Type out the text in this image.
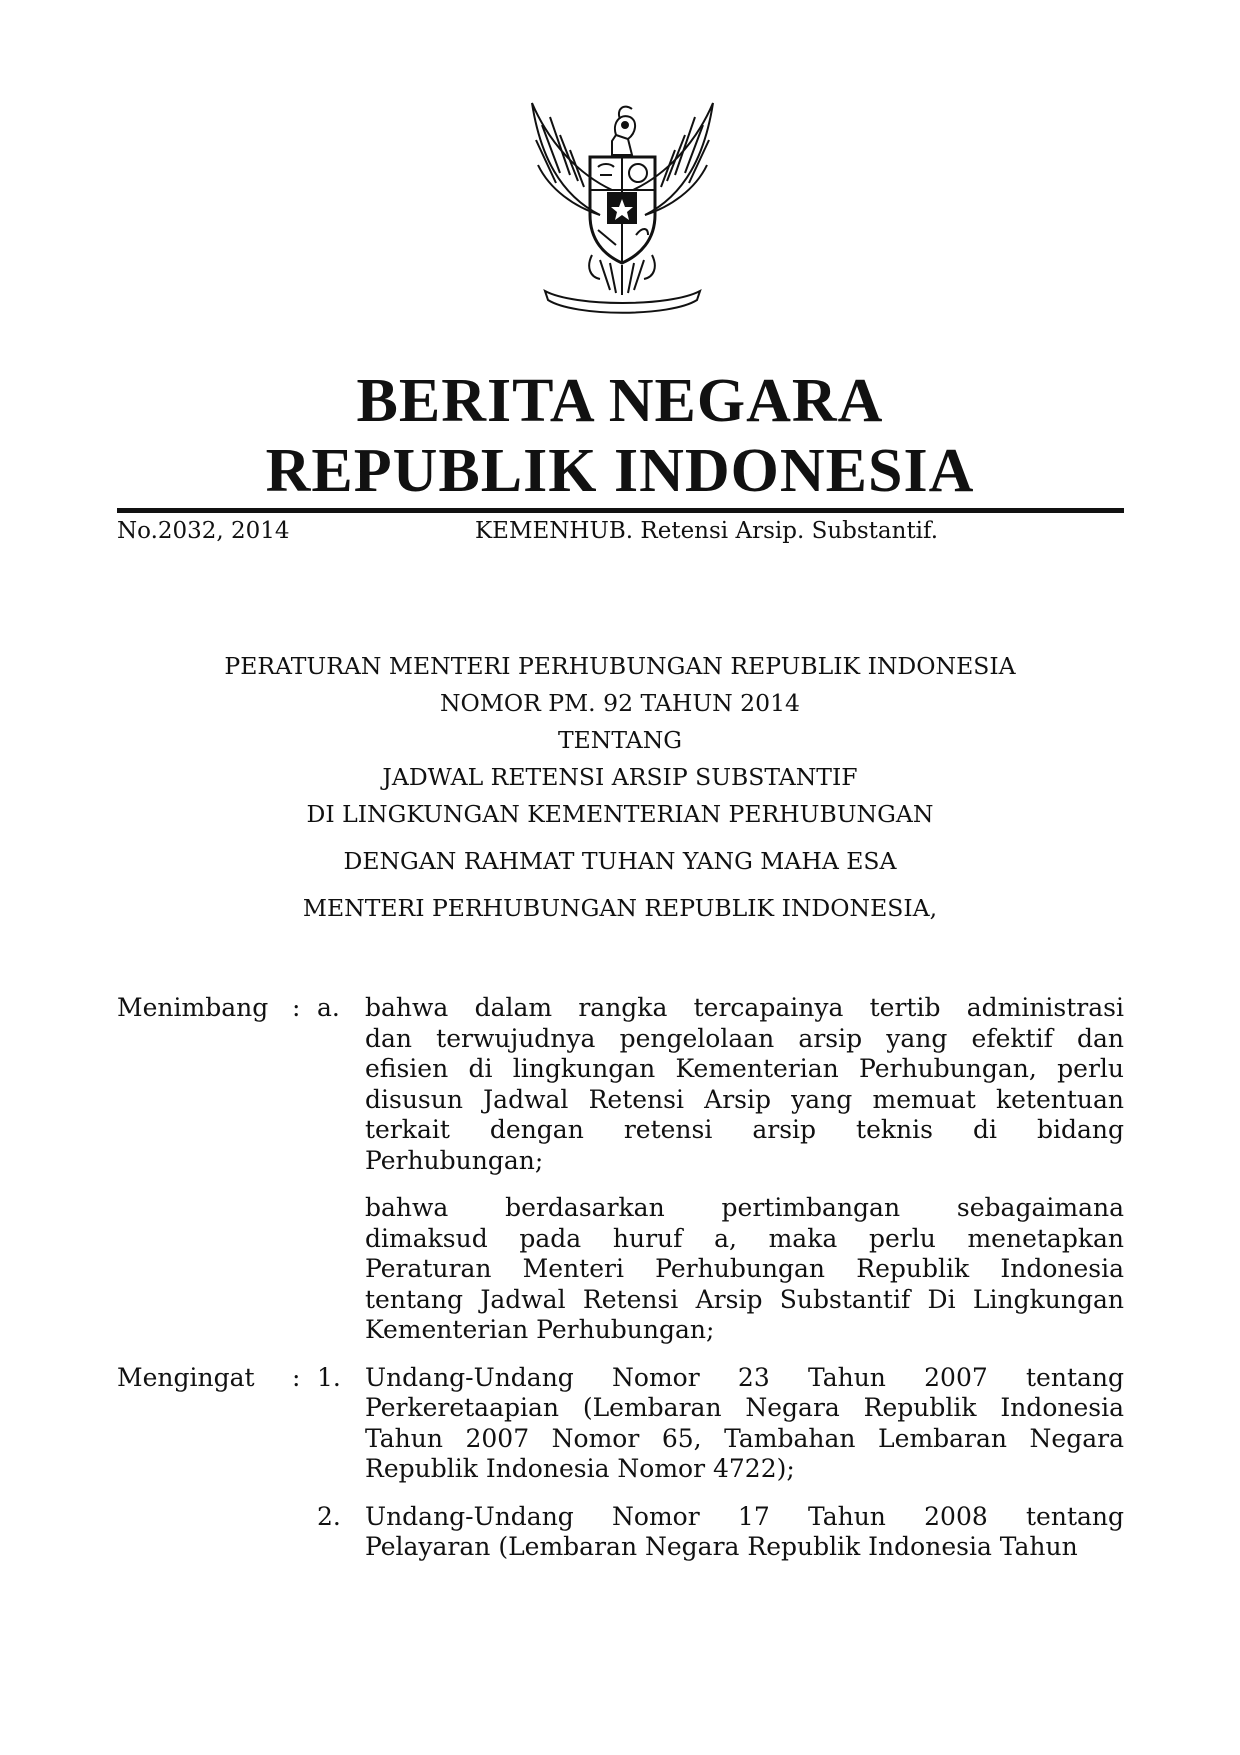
BERITA NEGARA
REPUBLIK INDONESIA
No.2032, 2014	KEMENHUB. Retensi Arsip. Substantif.
PERATURAN MENTERI PERHUBUNGAN REPUBLIK INDONESIA
NOMOR PM. 92 TAHUN 2014
TENTANG
JADWAL RETENSI ARSIP SUBSTANTIF
DI LINGKUNGAN KEMENTERIAN PERHUBUNGAN
DENGAN RAHMAT TUHAN YANG MAHA ESA
MENTERI PERHUBUNGAN REPUBLIK INDONESIA,
Menimbang : a.	bahwa dalam rangka tercapainya tertib administrasi
dan terwujudnya pengelolaan arsip yang efektif dan
efisien di lingkungan Kementerian Perhubungan, perlu
disusun Jadwal Retensi Arsip yang memuat ketentuan
terkait dengan retensi arsip teknis di bidang
Perhubungan;
bahwa berdasarkan pertimbangan sebagaimana
dimaksud pada huruf a, maka perlu menetapkan
Peraturan Menteri Perhubungan Republik Indonesia
tentang Jadwal Retensi Arsip Substantif Di Lingkungan
Kementerian Perhubungan;
Mengingat	: 1. Undang-Undang Nomor 23 Tahun 2007 tentang
Perkeretaapian (Lembaran Negara Republik Indonesia
Tahun 2007 Nomor 65, Tambahan Lembaran Negara
Republik Indonesia Nomor 4722);
2. Undang-Undang Nomor 17 Tahun 2008 tentang
Pelayaran (Lembaran Negara Republik Indonesia Tahun
